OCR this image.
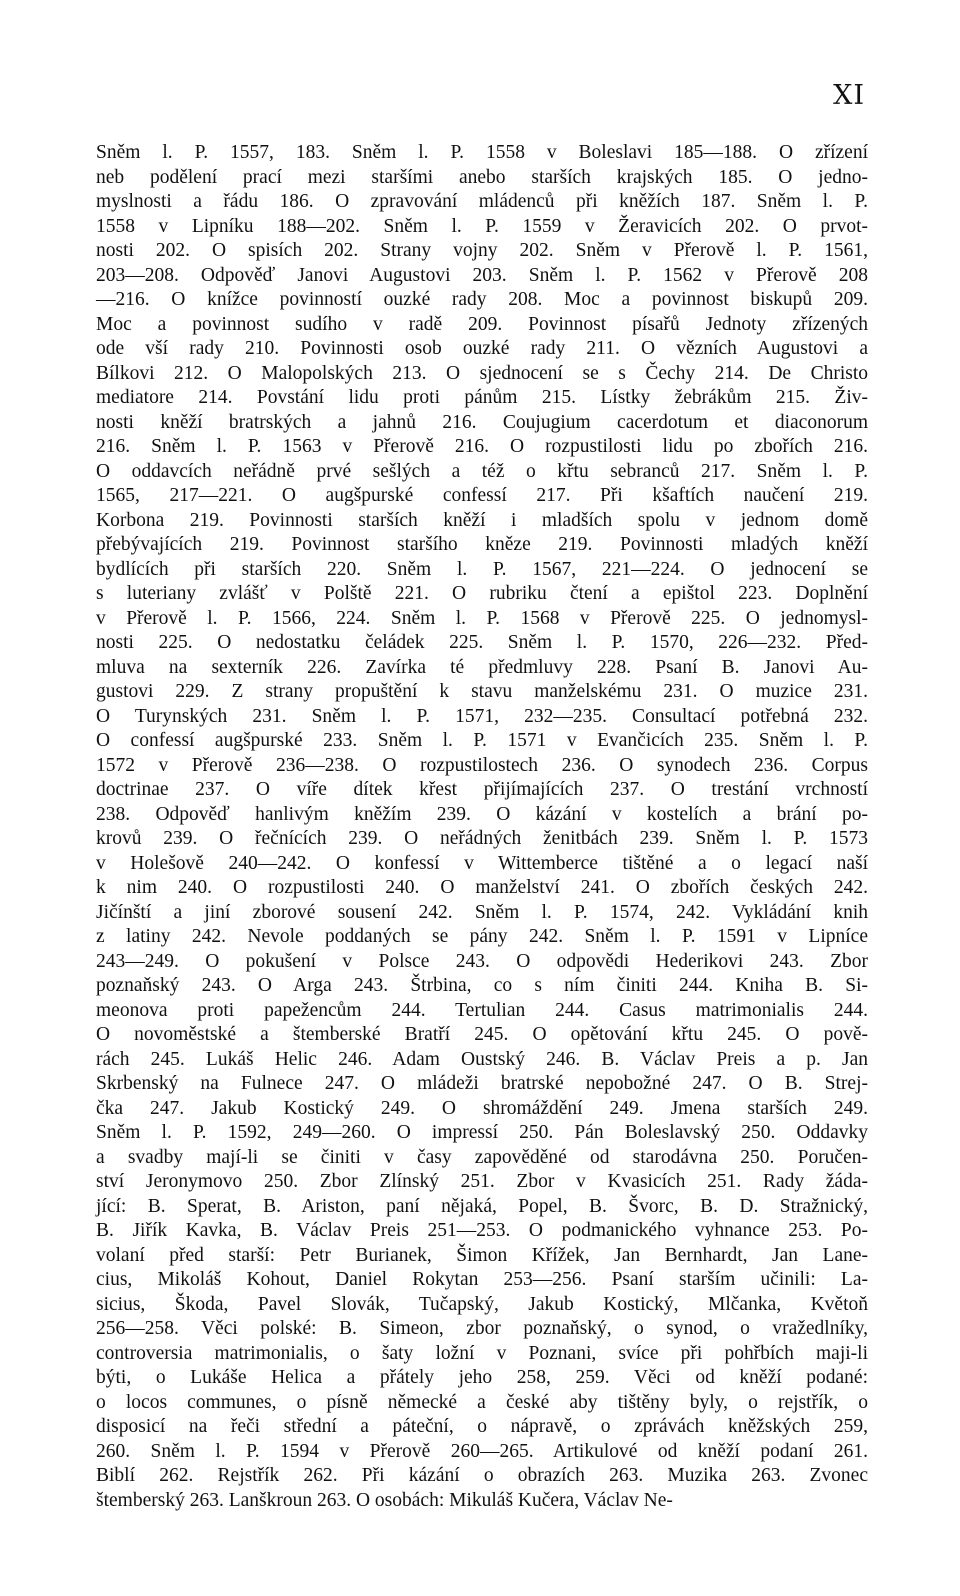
XI
Sněm l. P. 1557, 183. Sněm l. P. 1558 v Boleslavi 185—188. O zřízení
neb podělení prací mezi staršími anebo starších krajských 185. O jedno-
myslnosti a řádu 186. O zpravování mládenců při kněžích 187. Sněm l. P.
1558 v Lipníku 188—202. Sněm l. P. 1559 v Žeravicích 202. O prvot-
nosti 202. O spisích 202. Strany vojny 202. Sněm v Přerově l. P. 1561,
203—208. Odpověď Janovi Augustovi 203. Sněm l. P. 1562 v Přerově 208
—216. O knížce povinností ouzké rady 208. Moc a povinnost biskupů 209.
Moc a povinnost sudího v radě 209. Povinnost písařů Jednoty zřízených
ode vší rady 210. Povinnosti osob ouzké rady 211. O vězních Augustovi a
Bílkovi 212. O Malopolských 213. O sjednocení se s Čechy 214. De Christo
mediatore 214. Povstání lidu proti pánům 215. Lístky žebrákům 215. Živ-
nosti kněží bratrských a jahnů 216. Coujugium cacerdotum et diaconorum
216. Sněm l. P. 1563 v Přerově 216. O rozpustilosti lidu po zbořích 216.
O oddavcích neřádně prvé sešlých a též o křtu sebranců 217. Sněm l. P.
1565, 217—221. O augšpurské confessí 217. Při kšaftích naučení 219.
Korbona 219. Povinnosti starších kněží i mladších spolu v jednom domě
přebývajících 219. Povinnost staršího kněze 219. Povinnosti mladých kněží
bydlících při starších 220. Sněm l. P. 1567, 221—224. O jednocení se
s luteriany zvlášť v Polště 221. O rubriku čtení a epištol 223. Doplnění
v Přerově l. P. 1566, 224. Sněm l. P. 1568 v Přerově 225. O jednomysl-
nosti 225. O nedostatku čeládek 225. Sněm l. P. 1570, 226—232. Před-
mluva na sexterník 226. Zavírka té předmluvy 228. Psaní B. Janovi Au-
gustovi 229. Z strany propuštění k stavu manželskému 231. O muzice 231.
O Turynských 231. Sněm l. P. 1571, 232—235. Consultací potřebná 232.
O confessí augšpurské 233. Sněm l. P. 1571 v Evančicích 235. Sněm l. P.
1572 v Přerově 236—238. O rozpustilostech 236. O synodech 236. Corpus
doctrinae 237. O víře dítek křest přijímajících 237. O trestání vrchností
238. Odpověď hanlivým kněžím 239. O kázání v kostelích a brání po-
krovů 239. O řečnících 239. O neřádných ženitbách 239. Sněm l. P. 1573
v Holešově 240—242. O konfessí v Wittemberce tištěné a o legací naší
k nim 240. O rozpustilosti 240. O manželství 241. O zbořích českých 242.
Jičínští a jiní zborové sousení 242. Sněm l. P. 1574, 242. Vykládání knih
z latiny 242. Nevole poddaných se pány 242. Sněm l. P. 1591 v Lipníce
243—249. O pokušení v Polsce 243. O odpovědi Hederikovi 243. Zbor
poznaňský 243. O Arga 243. Štrbina, co s ním činiti 244. Kniha B. Si-
meonova proti papežencům 244. Tertulian 244. Casus matrimonialis 244.
O novoměstské a štemberské Bratří 245. O opětování křtu 245. O pově-
rách 245. Lukáš Helic 246. Adam Oustský 246. B. Václav Preis a p. Jan
Skrbenský na Fulnece 247. O mládeži bratrské nepobožné 247. O B. Strej-
čka 247. Jakub Kostický 249. O shromáždění 249. Jmena starších 249.
Sněm l. P. 1592, 249—260. O impressí 250. Pán Boleslavský 250. Oddavky
a svadby mají-li se činiti v časy zapověděné od starodávna 250. Poručen-
ství Jeronymovo 250. Zbor Zlínský 251. Zbor v Kvasicích 251. Rady žáda-
jící: B. Sperat, B. Ariston, paní nějaká, Popel, B. Švorc, B. D. Stražnický,
B. Jiřík Kavka, B. Václav Preis 251—253. O podmanického vyhnance 253. Po-
volaní před starší: Petr Burianek, Šimon Křížek, Jan Bernhardt, Jan Lane-
cius, Mikoláš Kohout, Daniel Rokytan 253—256. Psaní starším učinili: La-
sicius, Škoda, Pavel Slovák, Tučapský, Jakub Kostický, Mlčanka, Květoň
256—258. Věci polské: B. Simeon, zbor poznaňský, o synod, o vražedlníky,
controversia matrimonialis, o šaty ložní v Poznani, svíce při pohřbích maji-li
býti, o Lukáše Helica a přátely jeho 258, 259. Věci od kněží podané:
o locos communes, o písně německé a české aby tištěny byly, o rejstřík, o
disposicí na řeči střední a páteční, o nápravě, o zprávách kněžských 259,
260. Sněm l. P. 1594 v Přerově 260—265. Artikulové od kněží podaní 261.
Biblí 262. Rejstřík 262. Při kázání o obrazích 263. Muzika 263. Zvonec
štemberský 263. Lanškroun 263. O osobách: Mikuláš Kučera, Václav Ne-
